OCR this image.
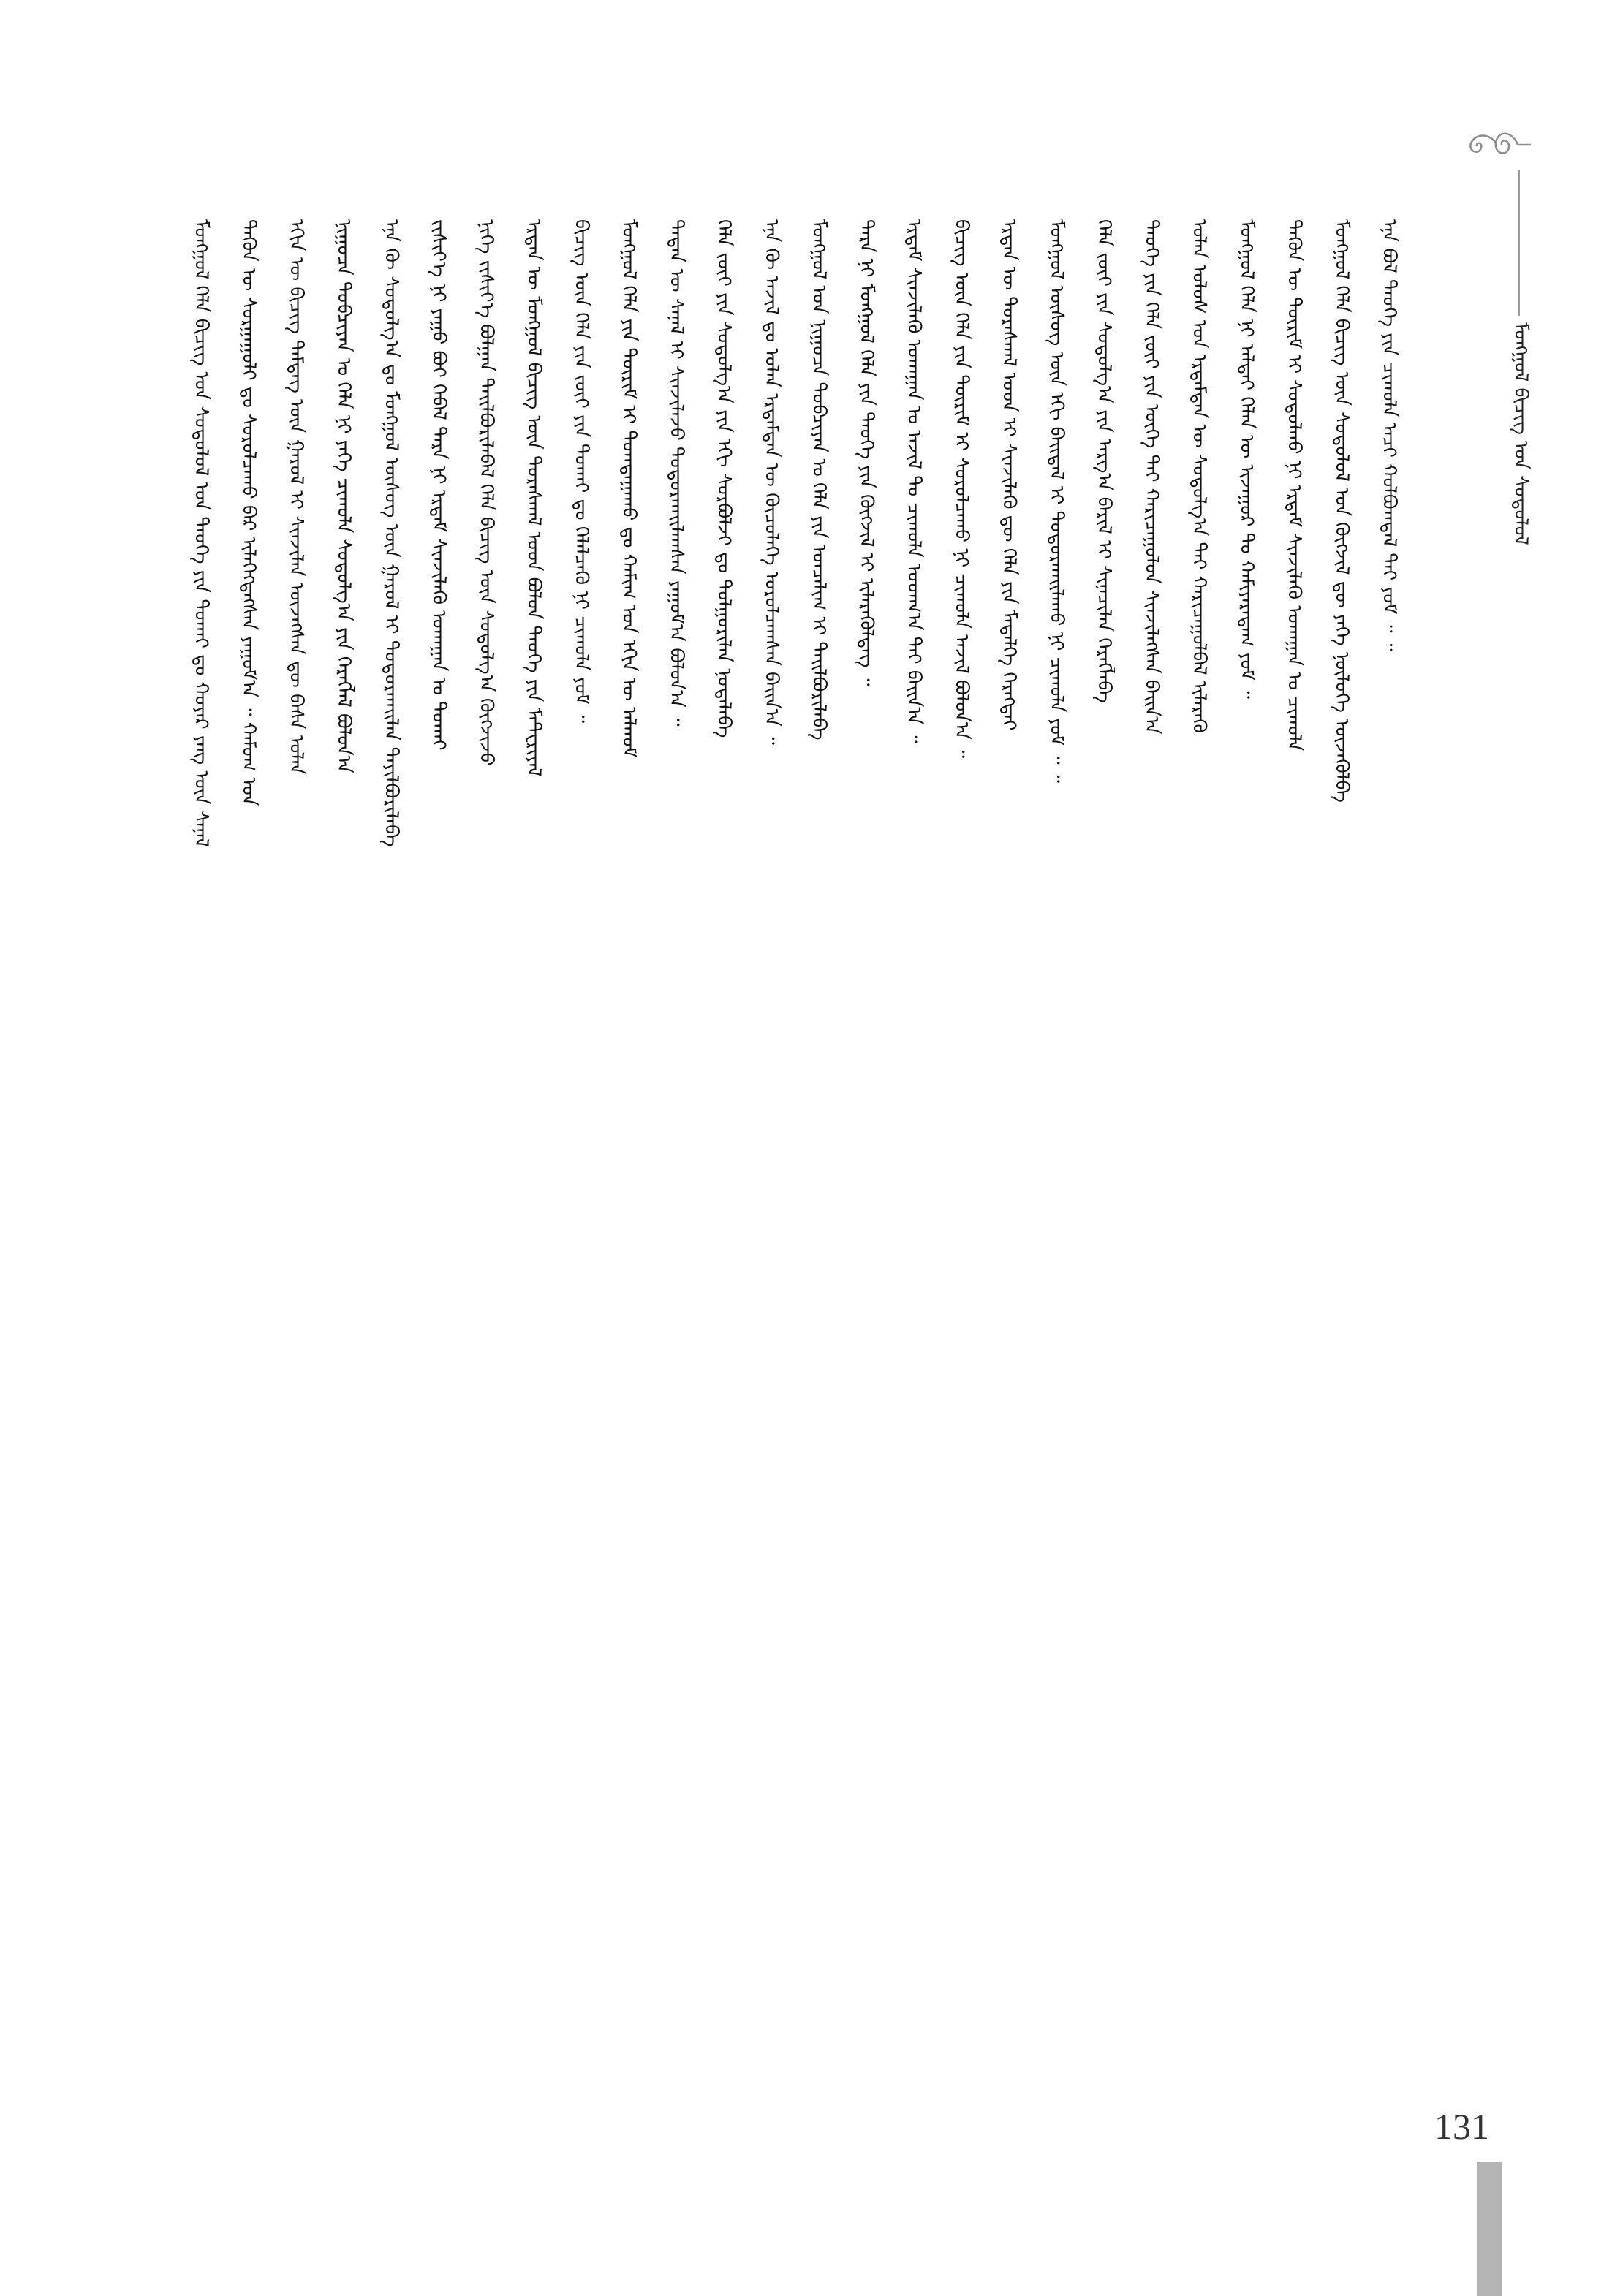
ᠮᠣᠩᠭᠣᠯ ᠪᠢᠴᠢᠭ᠌ ᠤᠨ ᠰᠤᠳᠤᠯᠤᠯ
ᠮᠣᠩᠭᠣᠯ ᠬᠡᠯᠡ ᠪᠢᠴᠢᠭ ᠤᠨ ᠰᠤᠳᠤᠯᠤᠯ ᠤᠨ ᠲᠡᠦᠬᠡ ᠶᠢᠨ ᠲᠤᠬᠠᠢ ᠳᠤ ᠬᠣᠶᠠᠷ ᠶᠠᠩ ᠦᠨ ᠰᠠᠨᠠᠯ ᠲᠡᠭᠦᠨ ᠦ ᠰᠤᠷᠭᠠᠭᠤᠯᠢ ᠳᠤ ᠰᠤᠷᠤᠯᠴᠠᠬᠤ ᠪᠠᠷ ᠢᠯᠡᠭᠡᠭᠳᠡᠭᠰᠡᠨ ᠶᠠᠭᠤᠮ᠎ᠠ ᠃ ᠬᠠᠮᠤᠭ ᠤᠨ ᠡᠬᠢᠨ ᠦ ᠪᠢᠴᠢᠭ ᠲᠡᠮᠳᠡᠭ ᠦᠨ ᠭᠠᠷᠤᠯ ᠢ ᠰᠢᠨᠵᠢᠯᠡᠨ ᠦᠵᠡᠭᠰᠡᠨ ᠳᠦ ᠪᠠᠰᠠ ᠣᠯᠠᠨ ᠨᠢᠭᠤᠴᠠ ᠲᠣᠪᠴᠢᠶᠠᠨ ᠤ ᠬᠡᠯᠡ ᠨᠢ ᠶᠡᠬᠡ ᠴᠢᠬᠤᠯᠠ ᠰᠤᠳᠤᠯᠭ᠎ᠠ ᠶᠢᠨ ᠬᠡᠷᠡᠭᠯᠡᠯ ᠪᠣᠯᠤᠨ᠎ᠠ ᠡᠨᠡ ᠬᠦ ᠰᠤᠳᠤᠯᠭ᠎ᠠ ᠳᠤ ᠮᠣᠩᠭᠣᠯ ᠦᠰᠦᠭ ᠦᠨ ᠭᠠᠷᠤᠯ ᠢ ᠲᠣᠳᠤᠷᠬᠠᠢᠯᠠᠨ ᠲᠠᠶᠢᠯᠪᠤᠷᠢᠯᠠᠪᠠ ᠵᠢᠱᠢᠶ᠎ᠡ ᠨᠢ ᠶᠠᠭᠤ ᠪᠤᠢ ᠭᠡᠪᠡᠯ ᠲᠡᠷᠡ ᠨᠢ ᠡᠷᠳᠡᠮ ᠰᠢᠨᠵᠢᠯᠡᠬᠦ ᠤᠬᠠᠭᠠᠨ ᠤ ᠲᠤᠬᠠᠢ ᠨᠢᠭᠡ ᠵᠢᠱᠢᠶ᠎ᠡ ᠪᠣᠯᠭᠠᠨ ᠲᠠᠢᠯᠪᠤᠷᠢᠯᠠᠪᠠᠯ ᠬᠡᠯᠡ ᠪᠢᠴᠢᠭ ᠦᠨ ᠰᠤᠳᠤᠯᠭ᠎ᠠ ᠬᠥᠭᠵᠢᠵᠦ ᠡᠷᠲᠡᠨ ᠦ ᠮᠣᠩᠭᠣᠯ ᠪᠢᠴᠢᠭ ᠦᠨ ᠳᠤᠷᠠᠰᠬᠠᠯ ᠤᠳ ᠪᠣᠯᠤᠨ ᠲᠡᠦᠬᠡ ᠶᠢᠨ ᠮᠠᠲᠧᠷᠢᠶᠠᠯ ᠪᠢᠴᠢᠭ ᠦᠨ ᠬᠡᠯᠡ ᠶᠢᠨ ᠵᠦᠢ ᠶᠢᠨ ᠲᠤᠬᠠᠢ ᠳᠤ ᠬᠡᠯᠡᠯᠴᠡᠬᠦ ᠨᠢ ᠴᠢᠬᠤᠯᠠ ᠶᠤᠮ ᠃ ᠮᠣᠩᠭᠣᠯ ᠬᠡᠯᠡ ᠶᠢᠨ ᠳᠦᠷᠢᠮ ᠢ ᠲᠣᠭᠲᠠᠭᠠᠬᠤ ᠳᠤ ᠬᠠᠮᠢᠭ ᠤᠨ ᠡᠬᠢᠨ ᠦ ᠠᠯᠬᠤᠮ ᠲᠡᠳᠡᠨ ᠦ ᠰᠠᠨᠠᠯ ᠢ ᠰᠢᠨᠵᠢᠯᠡᠵᠦ ᠲᠣᠳᠤᠷᠬᠠᠢᠯᠠᠭᠰᠠᠨ ᠶᠠᠭᠤᠮ᠎ᠠ ᠪᠣᠯᠤᠨ᠎ᠠ ᠃ ᠬᠡᠯᠡ ᠵᠦᠢ ᠶᠢᠨ ᠰᠤᠳᠤᠯᠭ᠎ᠠ ᠶᠢᠨ ᠡᠬᠢ ᠰᠤᠷᠪᠤᠯᠵᠢ ᠳᠤ ᠲᠤᠯᠭᠤᠷᠢᠯᠠᠨ ᠨᠣᠲᠠᠯᠠᠪᠠ ᠡᠨᠡ ᠬᠦ ᠠᠵᠢᠯ ᠳᠤ ᠣᠯᠠᠨ ᠡᠷᠳᠡᠮᠲᠡᠨ ᠦ ᠬᠦᠴᠦᠯᠡᠭᠡ ᠣᠷᠣᠯᠴᠠᠭᠰᠠᠨ ᠪᠠᠢᠨ᠎ᠠ ᠃ ᠮᠣᠩᠭᠣᠯ ᠤᠨ ᠨᠢᠭᠤᠴᠠ ᠲᠣᠪᠴᠢᠶᠠᠨ ᠤ ᠬᠡᠯᠡ ᠶᠢᠨ ᠣᠨᠴᠠᠯᠢᠭ ᠢ ᠲᠠᠢᠯᠪᠤᠷᠢᠯᠠᠪᠠ ᠲᠡᠷᠡ ᠨᠢ ᠮᠣᠩᠭᠣᠯ ᠬᠡᠯᠡ ᠶᠢᠨ ᠲᠡᠦᠬᠡ ᠶᠢᠨ ᠬᠥᠭᠵᠢᠯ ᠢ ᠢᠯᠡᠷᠡᠭᠦᠯᠳᠡᠭ ᠃ ᠡᠷᠳᠡᠮ ᠰᠢᠨᠵᠢᠯᠡᠬᠦ ᠤᠬᠠᠭᠠᠨ ᠤ ᠠᠵᠢᠯ ᠲᠤ ᠴᠢᠬᠤᠯᠠ ᠤᠳᠬ᠎ᠠ ᠲᠠᠢ ᠪᠠᠢᠨ᠎ᠠ ᠃ ᠪᠢᠴᠢᠭ ᠦᠨ ᠬᠡᠯᠡ ᠶᠢᠨ ᠳᠦᠷᠢᠮ ᠢ ᠰᠤᠷᠤᠯᠴᠠᠬᠤ ᠨᠢ ᠴᠢᠬᠤᠯᠠ ᠠᠵᠢᠯ ᠪᠣᠯᠤᠨ᠎ᠠ ᠃ ᠡᠷᠲᠡᠨ ᠦ ᠳᠤᠷᠠᠰᠬᠠᠯ ᠤᠳ ᠢ ᠰᠢᠨᠵᠢᠯᠡᠬᠦ ᠳᠦ ᠬᠡᠯᠡ ᠶᠢᠨ ᠮᠡᠳᠡᠯᠭᠡ ᠬᠡᠷᠡᠭᠲᠡᠢ ᠮᠣᠩᠭᠣᠯ ᠦᠰᠦᠭ ᠦᠨ ᠡᠬᠢ ᠪᠠᠢᠳᠠᠯ ᠢ ᠲᠣᠳᠤᠷᠬᠠᠢᠯᠠᠬᠤ ᠨᠢ ᠴᠢᠬᠤᠯᠠ ᠶᠤᠮ ᠃ ᠃ ᠬᠡᠯᠡ ᠵᠦᠢ ᠶᠢᠨ ᠰᠤᠳᠤᠯᠭ᠎ᠠ ᠶᠢᠨ ᠠᠷᠭ᠎ᠠ ᠪᠠᠷᠢᠯ ᠢ ᠰᠢᠨᠡᠴᠢᠯᠡᠨ ᠬᠡᠷᠡᠭᠯᠡᠪᠡ ᠲᠡᠦᠬᠡ ᠶᠢᠨ ᠬᠡᠯᠡ ᠵᠦᠢ ᠶᠢᠨ ᠦᠭᠡ ᠲᠠᠢ ᠬᠠᠷᠢᠴᠠᠭᠤᠯᠤᠨ ᠰᠢᠨᠵᠢᠯᠡᠭᠰᠡᠨ ᠪᠠᠢᠨ᠎ᠠ ᠣᠯᠠᠨ ᠤᠯᠤᠰ ᠤᠨ ᠡᠷᠳᠡᠮᠲᠡᠨ ᠦ ᠰᠤᠳᠤᠯᠭ᠎ᠠ ᠲᠠᠢ ᠬᠠᠷᠢᠴᠠᠭᠤᠯᠪᠠᠯ ᠢᠯᠡᠷᠡᠬᠦ ᠮᠣᠩᠭᠣᠯ ᠬᠡᠯᠡ ᠨᠢ ᠠᠯᠲᠠᠢ ᠬᠡᠯᠡᠨ ᠦ ᠢᠵᠠᠭᠤᠷ ᠲᠤ ᠬᠠᠮᠢᠶᠠᠷᠠᠳᠠᠭ ᠶᠤᠮ ᠃ ᠲᠡᠭᠦᠨ ᠦ ᠳᠦᠷᠢᠮ ᠢ ᠰᠤᠳᠤᠯᠬᠤ ᠨᠢ ᠡᠷᠳᠡᠮ ᠰᠢᠨᠵᠢᠯᠡᠬᠦ ᠤᠬᠠᠭᠠᠨ ᠤ ᠴᠢᠬᠤᠯᠠ ᠮᠣᠩᠭᠣᠯ ᠬᠡᠯᠡ ᠪᠢᠴᠢᠭ ᠦᠨ ᠰᠤᠳᠤᠯᠤᠯ ᠤᠨ ᠬᠥᠭᠵᠢᠯ ᠳᠦ ᠶᠡᠬᠡ ᠨᠥᠯᠥᠭᠡ ᠦᠵᠡᠭᠦᠯᠪᠡ ᠡᠨᠡ ᠪᠣᠯ ᠲᠡᠦᠬᠡ ᠶᠢᠨ ᠴᠢᠬᠤᠯᠠ ᠠᠴᠢ ᠬᠣᠯᠪᠣᠭᠳᠠᠯ ᠲᠠᠢ ᠶᠤᠮ ᠃ ᠃
131
